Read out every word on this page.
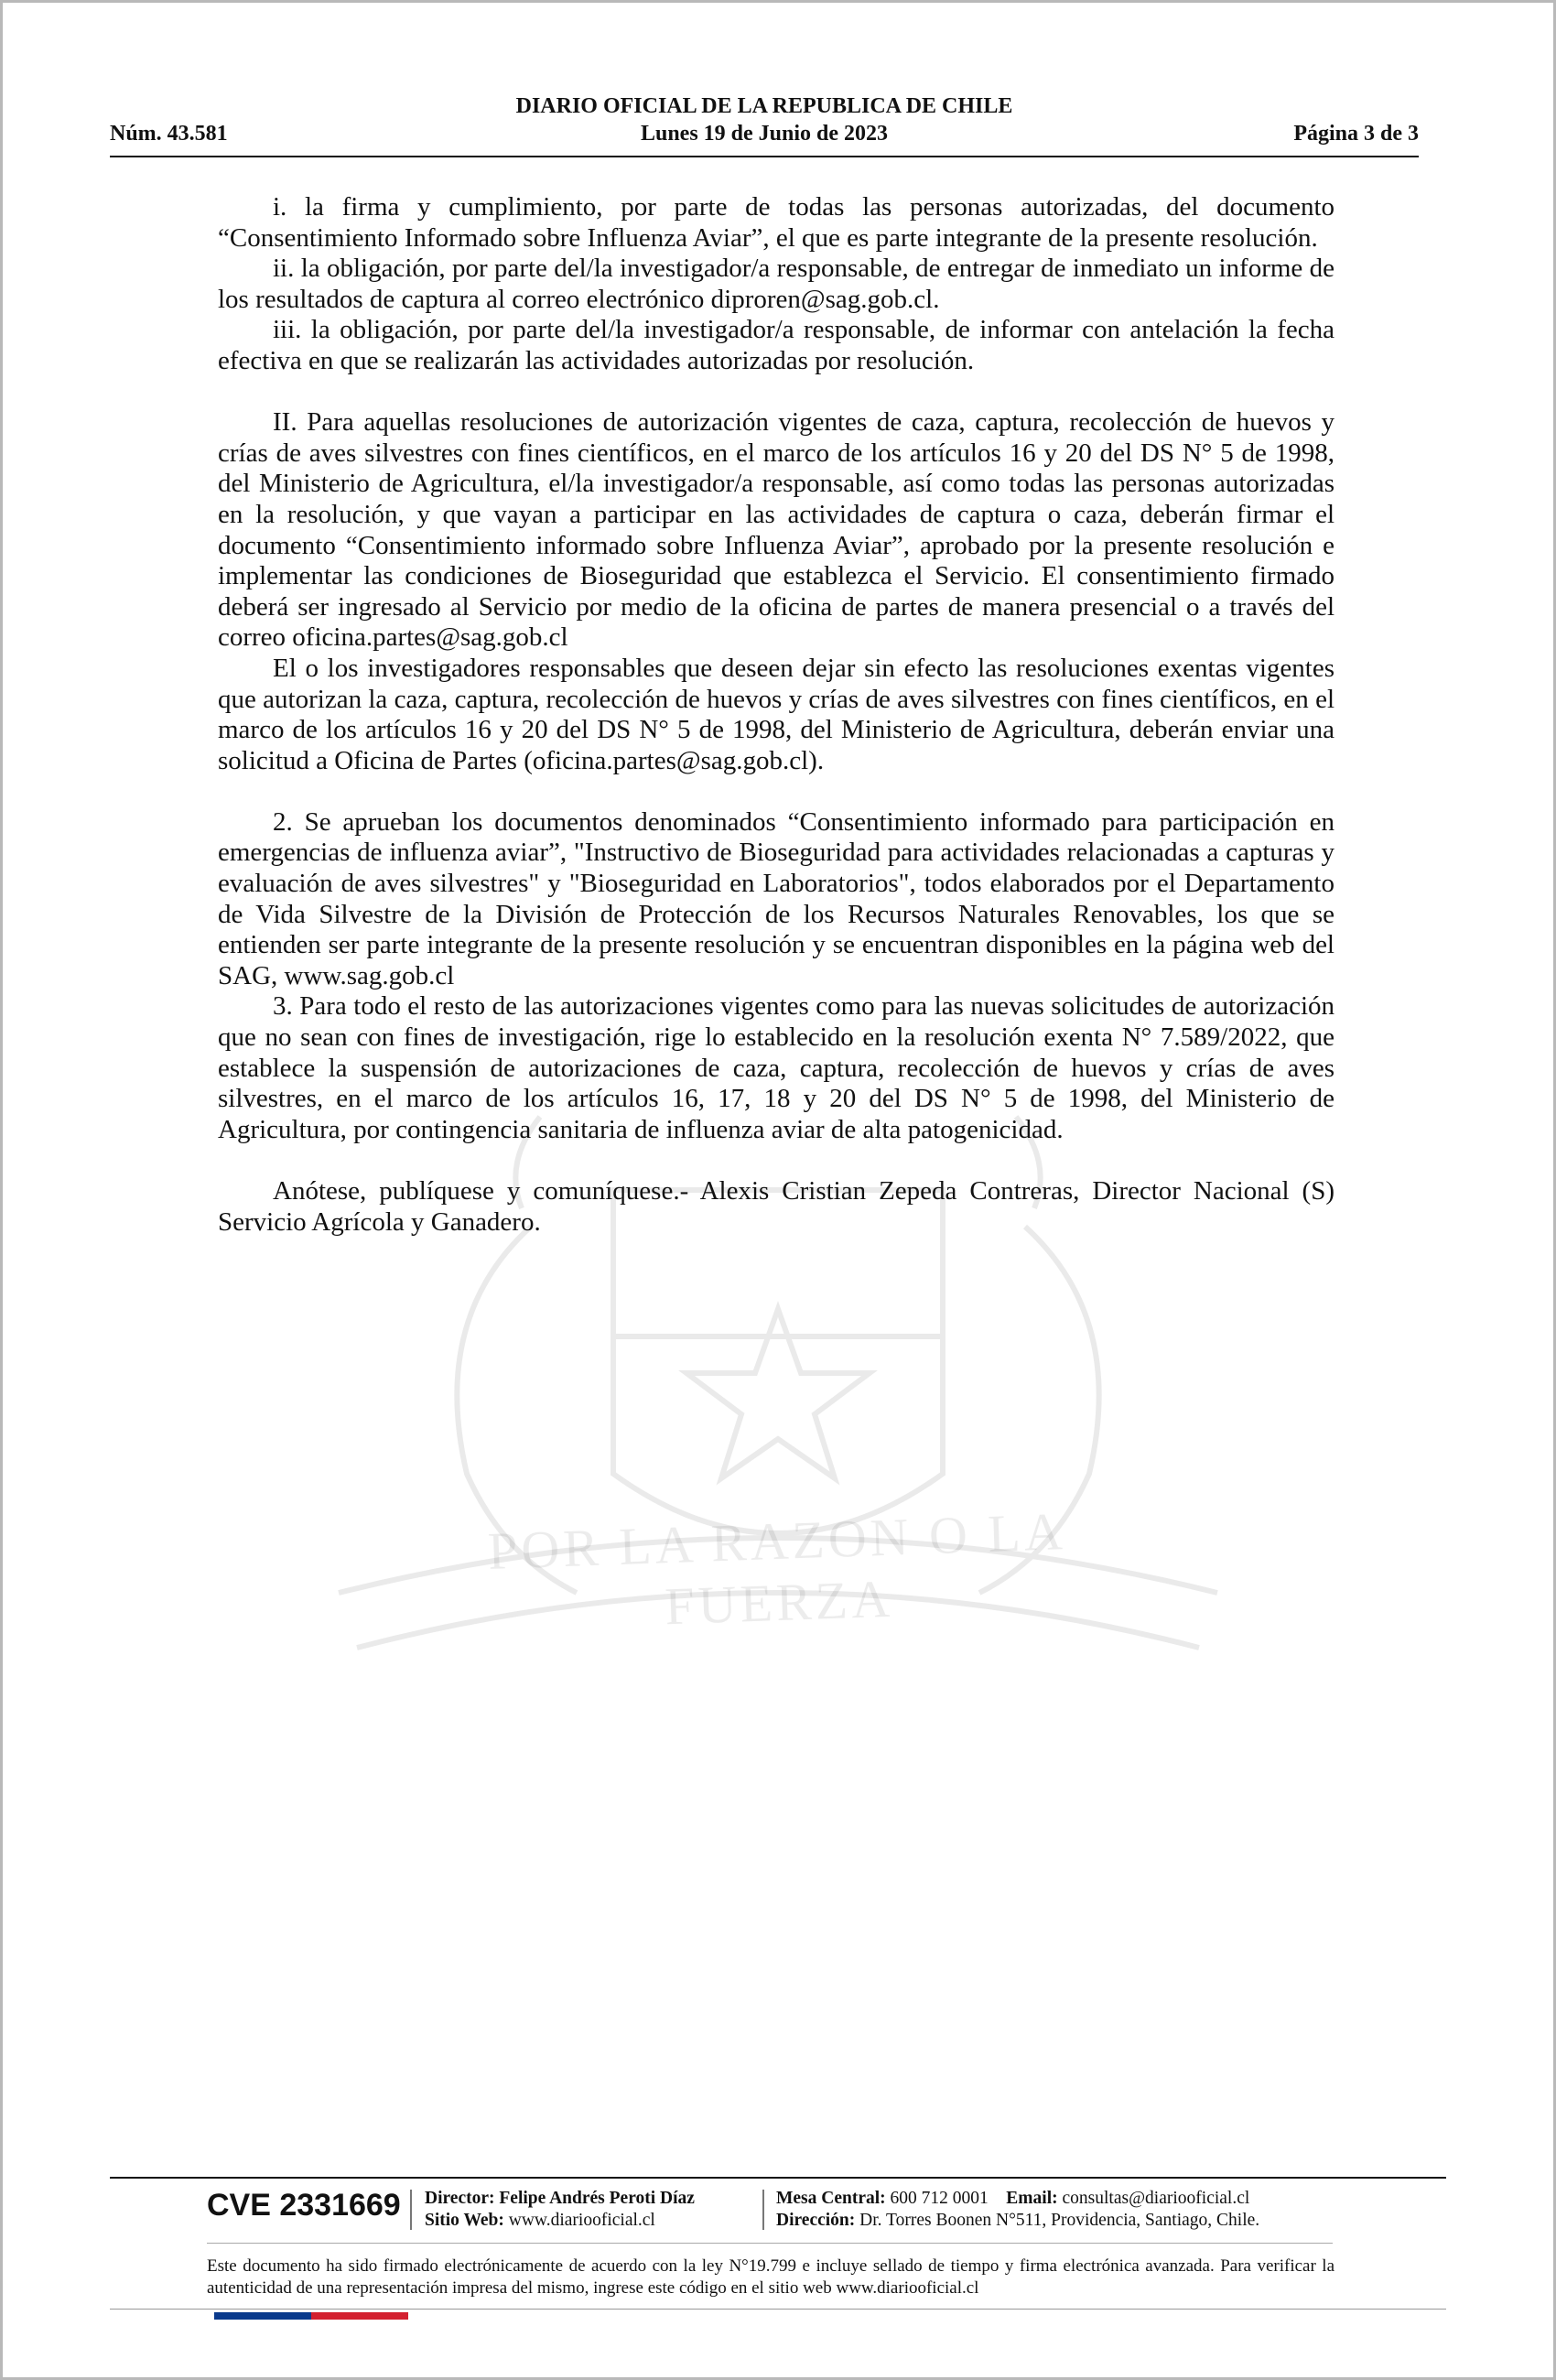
POR LA RAZON O LA FUERZA
DIARIO OFICIAL DE LA REPUBLICA DE CHILE
Núm. 43.581	Lunes 19 de Junio de 2023	Página 3 de 3

i. la firma y cumplimiento, por parte de todas las personas autorizadas, del documento “Consentimiento Informado sobre Influenza Aviar”, el que es parte integrante de la presente resolución.

ii. la obligación, por parte del/la investigador/a responsable, de entregar de inmediato un informe de los resultados de captura al correo electrónico diproren@sag.gob.cl.

iii. la obligación, por parte del/la investigador/a responsable, de informar con antelación la fecha efectiva en que se realizarán las actividades autorizadas por resolución.

II. Para aquellas resoluciones de autorización vigentes de caza, captura, recolección de huevos y crías de aves silvestres con fines científicos, en el marco de los artículos 16 y 20 del DS N° 5 de 1998, del Ministerio de Agricultura, el/la investigador/a responsable, así como todas las personas autorizadas en la resolución, y que vayan a participar en las actividades de captura o caza, deberán firmar el documento “Consentimiento informado sobre Influenza Aviar”, aprobado por la presente resolución e implementar las condiciones de Bioseguridad que establezca el Servicio. El consentimiento firmado deberá ser ingresado al Servicio por medio de la oficina de partes de manera presencial o a través del correo oficina.partes@sag.gob.cl

El o los investigadores responsables que deseen dejar sin efecto las resoluciones exentas vigentes que autorizan la caza, captura, recolección de huevos y crías de aves silvestres con fines científicos, en el marco de los artículos 16 y 20 del DS N° 5 de 1998, del Ministerio de Agricultura, deberán enviar una solicitud a Oficina de Partes (oficina.partes@sag.gob.cl).

2. Se aprueban los documentos denominados “Consentimiento informado para participación en emergencias de influenza aviar”, "Instructivo de Bioseguridad para actividades relacionadas a capturas y evaluación de aves silvestres" y "Bioseguridad en Laboratorios", todos elaborados por el Departamento de Vida Silvestre de la División de Protección de los Recursos Naturales Renovables, los que se entienden ser parte integrante de la presente resolución y se encuentran disponibles en la página web del SAG, www.sag.gob.cl

3. Para todo el resto de las autorizaciones vigentes como para las nuevas solicitudes de autorización que no sean con fines de investigación, rige lo establecido en la resolución exenta N° 7.589/2022, que establece la suspensión de autorizaciones de caza, captura, recolección de huevos y crías de aves silvestres, en el marco de los artículos 16, 17, 18 y 20 del DS N° 5 de 1998, del Ministerio de Agricultura, por contingencia sanitaria de influenza aviar de alta patogenicidad.

Anótese, publíquese y comuníquese.- Alexis Cristian Zepeda Contreras, Director Nacional (S) Servicio Agrícola y Ganadero.

CVE 2331669 Director: Felipe Andrés Peroti Díaz
Sitio Web: www.diariooficial.cl
Mesa Central: 600 712 0001 Email: consultas@diariooficial.cl
Dirección: Dr. Torres Boonen N°511, Providencia, Santiago, Chile.
Este documento ha sido firmado electrónicamente de acuerdo con la ley N°19.799 e incluye sellado de tiempo y firma electrónica avanzada. Para verificar la autenticidad de una representación impresa del mismo, ingrese este código en el sitio web www.diariooficial.cl
